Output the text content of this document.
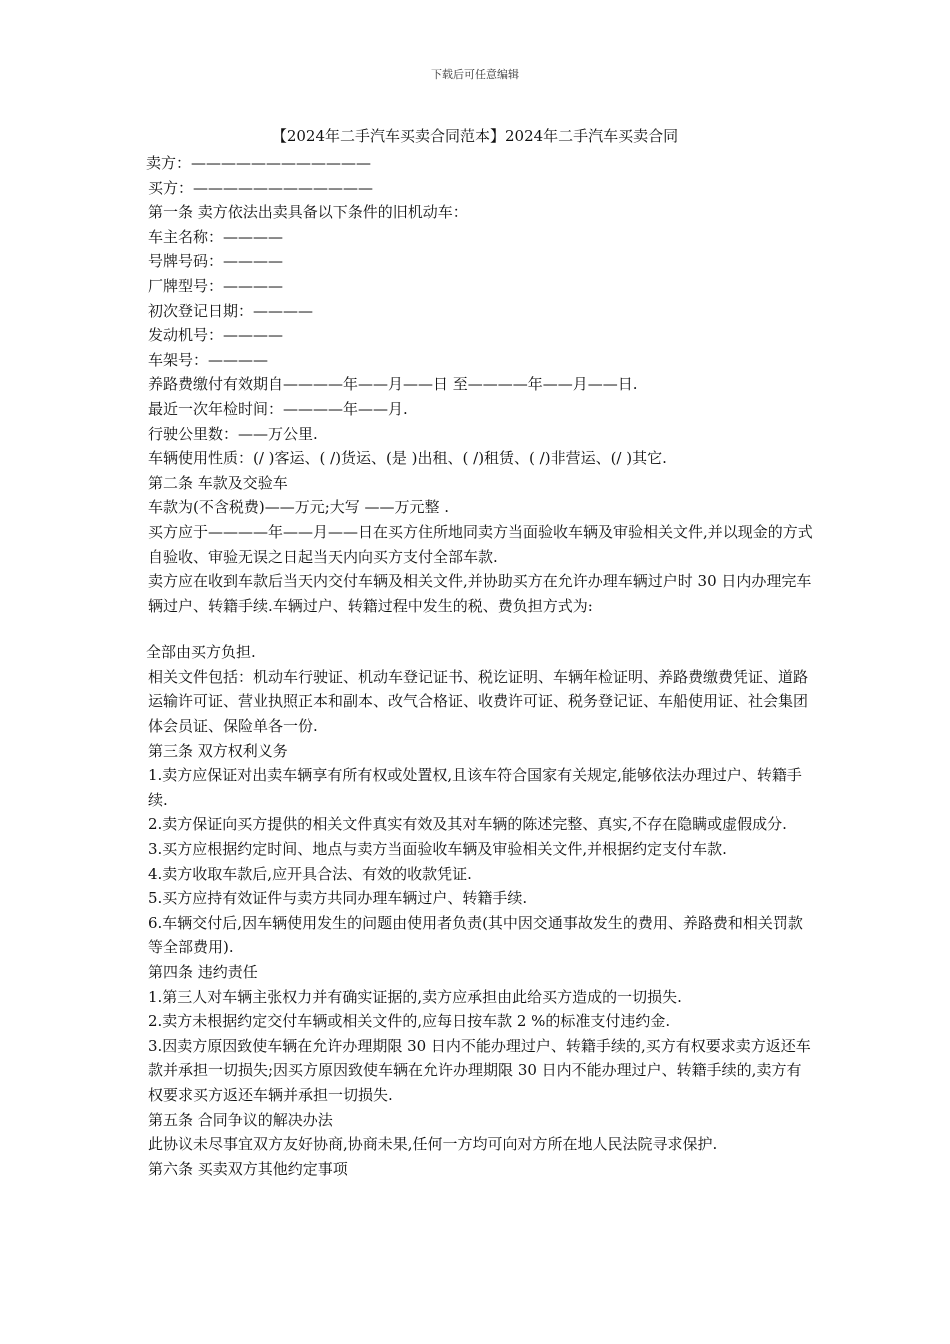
下载后可任意编辑
【2024年二手汽车买卖合同范本】2024年二手汽车买卖合同

卖方：————————————

买方：————————————

第一条 卖方依法出卖具备以下条件的旧机动车：

车主名称：————

号牌号码：————

厂牌型号：————

初次登记日期：————

发动机号：————

车架号：————

养路费缴付有效期自————年——月——日 至————年——月——日.

最近一次年检时间：————年——月.

行驶公里数：——万公里.

车辆使用性质：(/ )客运、( /)货运、(是 )出租、( /)租赁、( /)非营运、(/ )其它.

第二条 车款及交验车

车款为(不含税费)——万元;大写 ——万元整 .

买方应于————年——月——日在买方住所地同卖方当面验收车辆及审验相关文件,并以现金的方式自验收、审验无误之日起当天内向买方支付全部车款.

卖方应在收到车款后当天内交付车辆及相关文件,并协助买方在允许办理车辆过户时 30 日内办理完车辆过户、转籍手续.车辆过户、转籍过程中发生的税、费负担方式为:

全部由买方负担.

相关文件包括：机动车行驶证、机动车登记证书、税讫证明、车辆年检证明、养路费缴费凭证、道路运输许可证、营业执照正本和副本、改气合格证、收费许可证、税务登记证、车船使用证、社会集团体会员证、保险单各一份.

第三条 双方权利义务

1.卖方应保证对出卖车辆享有所有权或处置权,且该车符合国家有关规定,能够依法办理过户、转籍手续.

2.卖方保证向买方提供的相关文件真实有效及其对车辆的陈述完整、真实,不存在隐瞒或虚假成分.

3.买方应根据约定时间、地点与卖方当面验收车辆及审验相关文件,并根据约定支付车款.

4.卖方收取车款后,应开具合法、有效的收款凭证.

5.买方应持有效证件与卖方共同办理车辆过户、转籍手续.

6.车辆交付后,因车辆使用发生的问题由使用者负责(其中因交通事故发生的费用、养路费和相关罚款等全部费用).

第四条 违约责任

1.第三人对车辆主张权力并有确实证据的,卖方应承担由此给买方造成的一切损失.

2.卖方未根据约定交付车辆或相关文件的,应每日按车款 2 %的标准支付违约金.

3.因卖方原因致使车辆在允许办理期限 30 日内不能办理过户、转籍手续的,买方有权要求卖方返还车款并承担一切损失;因买方原因致使车辆在允许办理期限 30 日内不能办理过户、转籍手续的,卖方有权要求买方返还车辆并承担一切损失.

第五条 合同争议的解决办法

此协议未尽事宜双方友好协商,协商未果,任何一方均可向对方所在地人民法院寻求保护.

第六条 买卖双方其他约定事项
